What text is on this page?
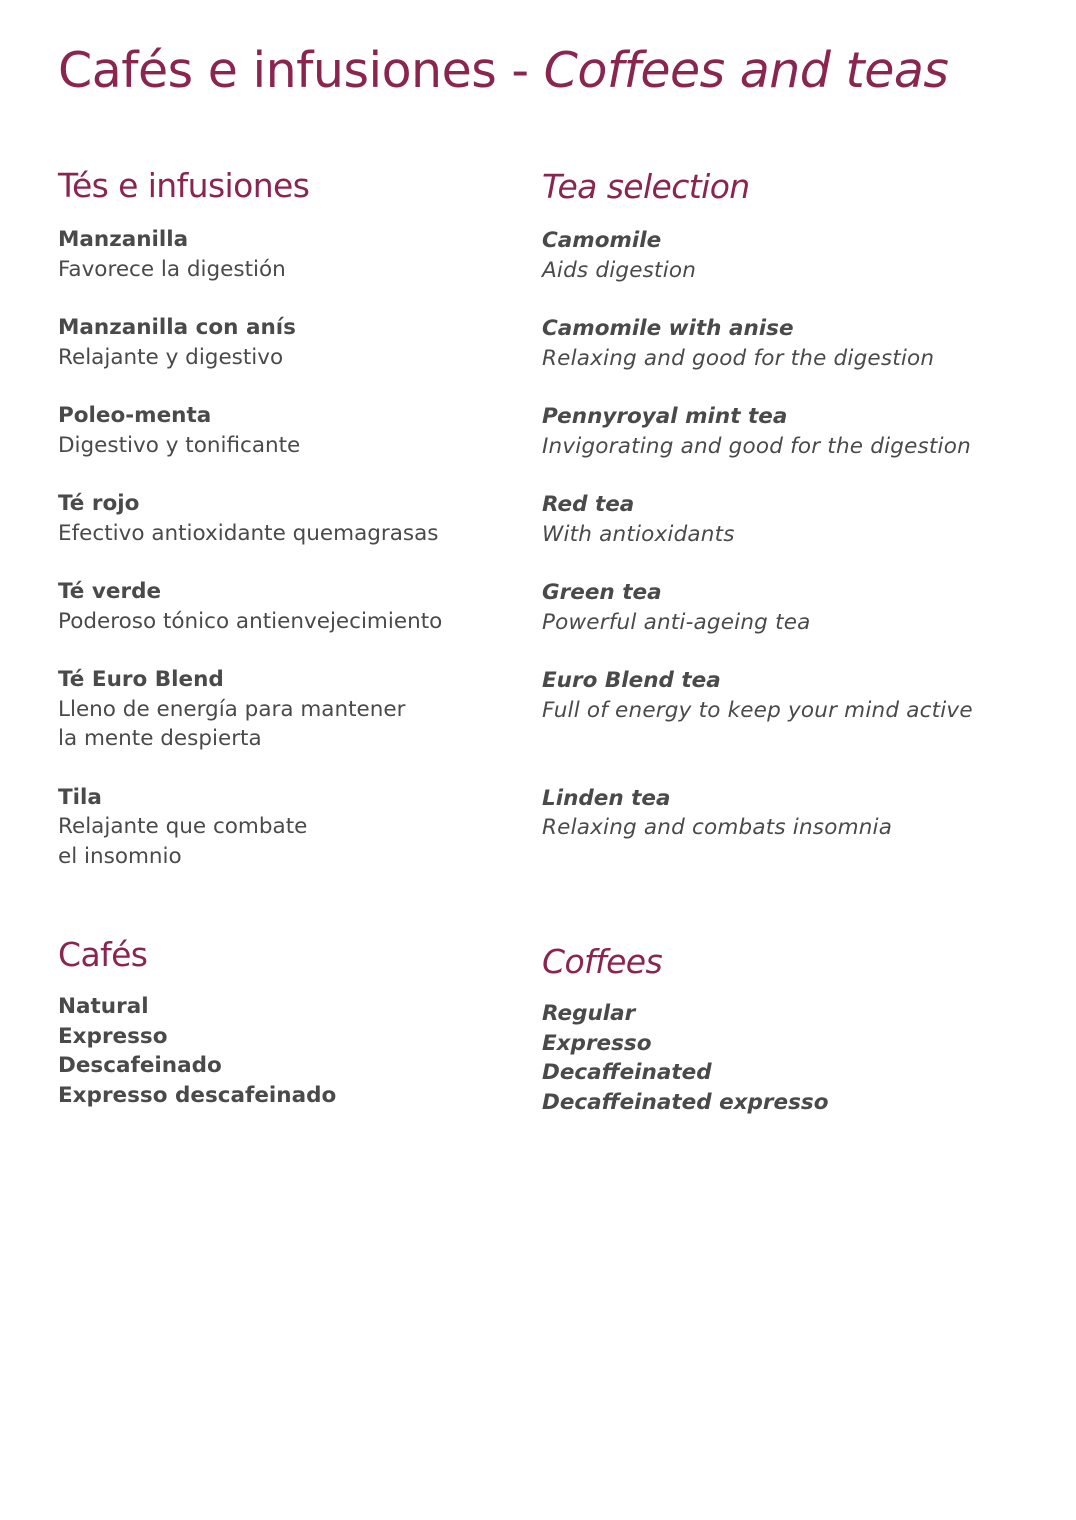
Cafés e infusiones - Coffees and teas
Tés e infusiones
Manzanilla
Favorece la digestión
Manzanilla con anís
Relajante y digestivo
Poleo-menta
Digestivo y tonificante
Té rojo
Efectivo antioxidante quemagrasas
Té verde
Poderoso tónico antienvejecimiento
Té Euro Blend
Lleno de energía para mantener
la mente despierta
Tila
Relajante que combate
el insomnio
Tea selection
Camomile
Aids digestion
Camomile with anise
Relaxing and good for the digestion
Pennyroyal mint tea
Invigorating and good for the digestion
Red tea
With antioxidants
Green tea
Powerful anti-ageing tea
Euro Blend tea
Full of energy to keep your mind active
Linden tea
Relaxing and combats insomnia
Cafés
Natural
Expresso
Descafeinado
Expresso descafeinado
Coffees
Regular
Expresso
Decaffeinated
Decaffeinated expresso
